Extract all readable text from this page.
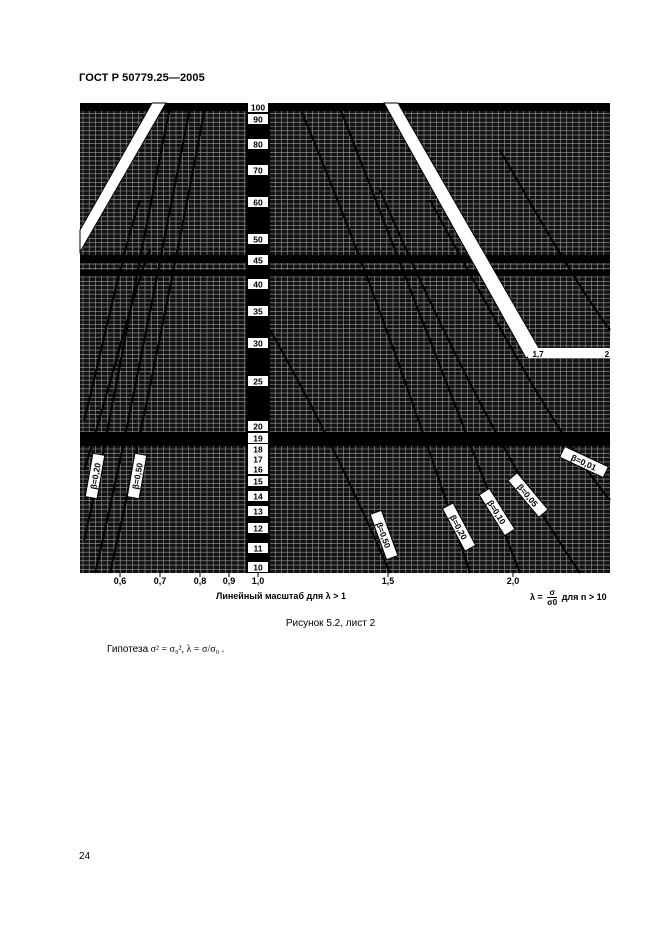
ГОСТ Р 50779.25—2005
100
90
80
70
60
50
45
40
35
30
25
20
19
18
17
16
15
14
13
12
11
10
1,7	2
β=0,01
β=0,05
β=0,10
β=0,20
β=0,50
β=0,20	β=0,50
0,6	0,7	0,8 0,9 1,0	1,5	2,0
Линейный масштаб для λ > 1	$\lambda = \frac{\sigma}{\sigma 0}$ для n > 10
Рисунок 5.2, лист 2
Гипотеза σ² = σ₀², λ = σ/σ₀ .
24
